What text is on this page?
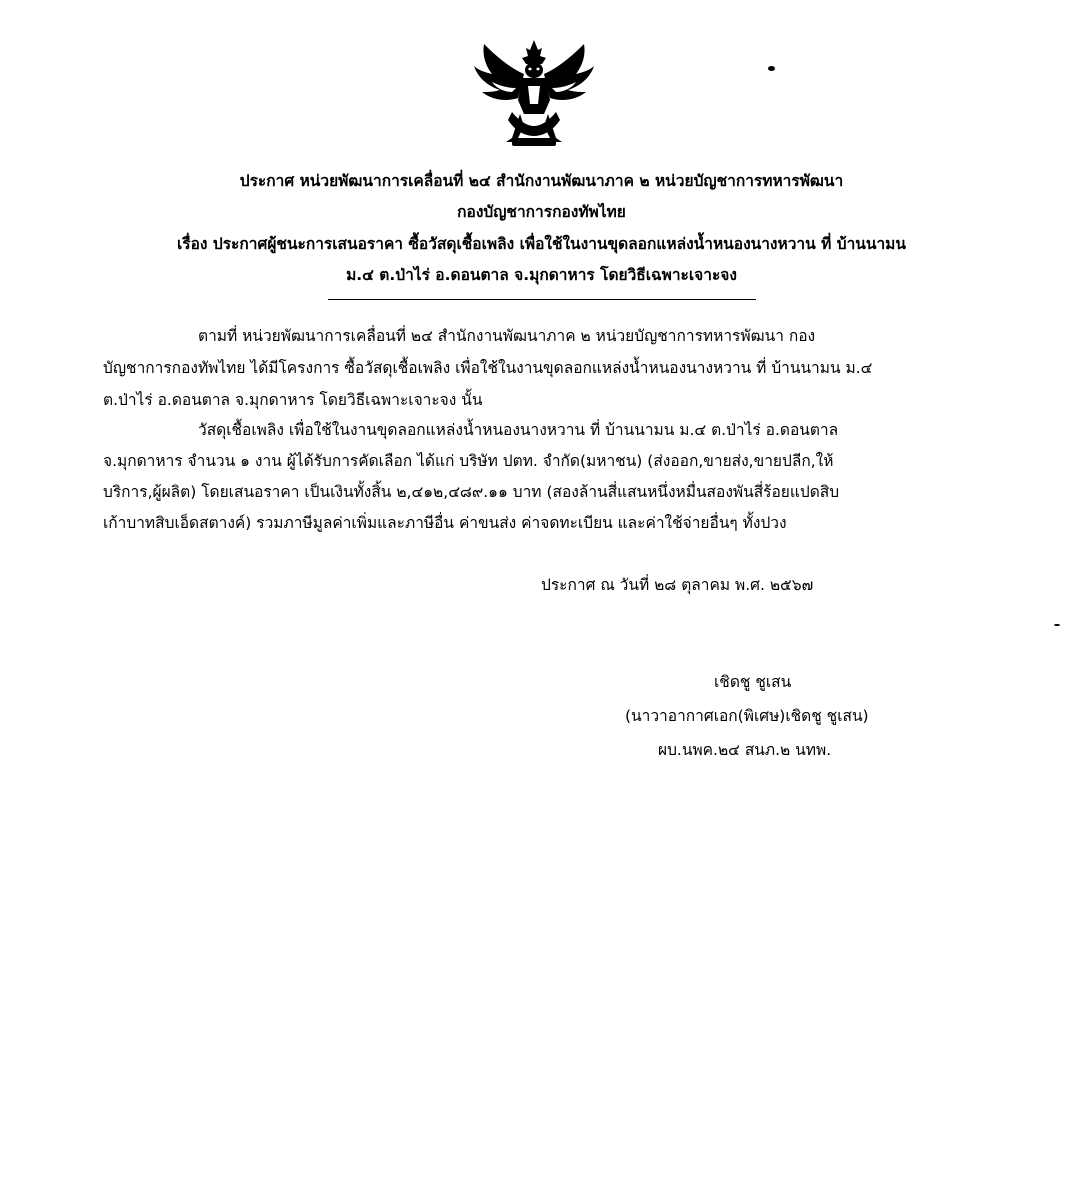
ประกาศ หน่วยพัฒนาการเคลื่อนที่ ๒๔ สำนักงานพัฒนาภาค ๒ หน่วยบัญชาการทหารพัฒนา
กองบัญชาการกองทัพไทย
เรื่อง ประกาศผู้ชนะการเสนอราคา ซื้อวัสดุเชื้อเพลิง เพื่อใช้ในงานขุดลอกแหล่งน้ำหนองนางหวาน ที่ บ้านนามน
ม.๔ ต.ป่าไร่ อ.ดอนตาล จ.มุกดาหาร โดยวิธีเฉพาะเจาะจง
ตามที่ หน่วยพัฒนาการเคลื่อนที่ ๒๔ สำนักงานพัฒนาภาค ๒ หน่วยบัญชาการทหารพัฒนา กอง
บัญชาการกองทัพไทย ได้มีโครงการ ซื้อวัสดุเชื้อเพลิง เพื่อใช้ในงานขุดลอกแหล่งน้ำหนองนางหวาน ที่ บ้านนามน ม.๔
ต.ป่าไร่ อ.ดอนตาล จ.มุกดาหาร โดยวิธีเฉพาะเจาะจง นั้น
วัสดุเชื้อเพลิง เพื่อใช้ในงานขุดลอกแหล่งน้ำหนองนางหวาน ที่ บ้านนามน ม.๔ ต.ป่าไร่ อ.ดอนตาล
จ.มุกดาหาร จำนวน ๑ งาน ผู้ได้รับการคัดเลือก ได้แก่ บริษัท ปตท. จำกัด(มหาชน) (ส่งออก,ขายส่ง,ขายปลีก,ให้
บริการ,ผู้ผลิต) โดยเสนอราคา เป็นเงินทั้งสิ้น ๒,๔๑๒,๔๘๙.๑๑ บาท (สองล้านสี่แสนหนึ่งหมื่นสองพันสี่ร้อยแปดสิบ
เก้าบาทสิบเอ็ดสตางค์) รวมภาษีมูลค่าเพิ่มและภาษีอื่น ค่าขนส่ง ค่าจดทะเบียน และค่าใช้จ่ายอื่นๆ ทั้งปวง
ประกาศ ณ วันที่ ๒๘ ตุลาคม พ.ศ. ๒๕๖๗
เชิดชู ชูเสน
(นาวาอากาศเอก(พิเศษ)เชิดชู ชูเสน)
ผบ.นพค.๒๔ สนภ.๒ นทพ.
